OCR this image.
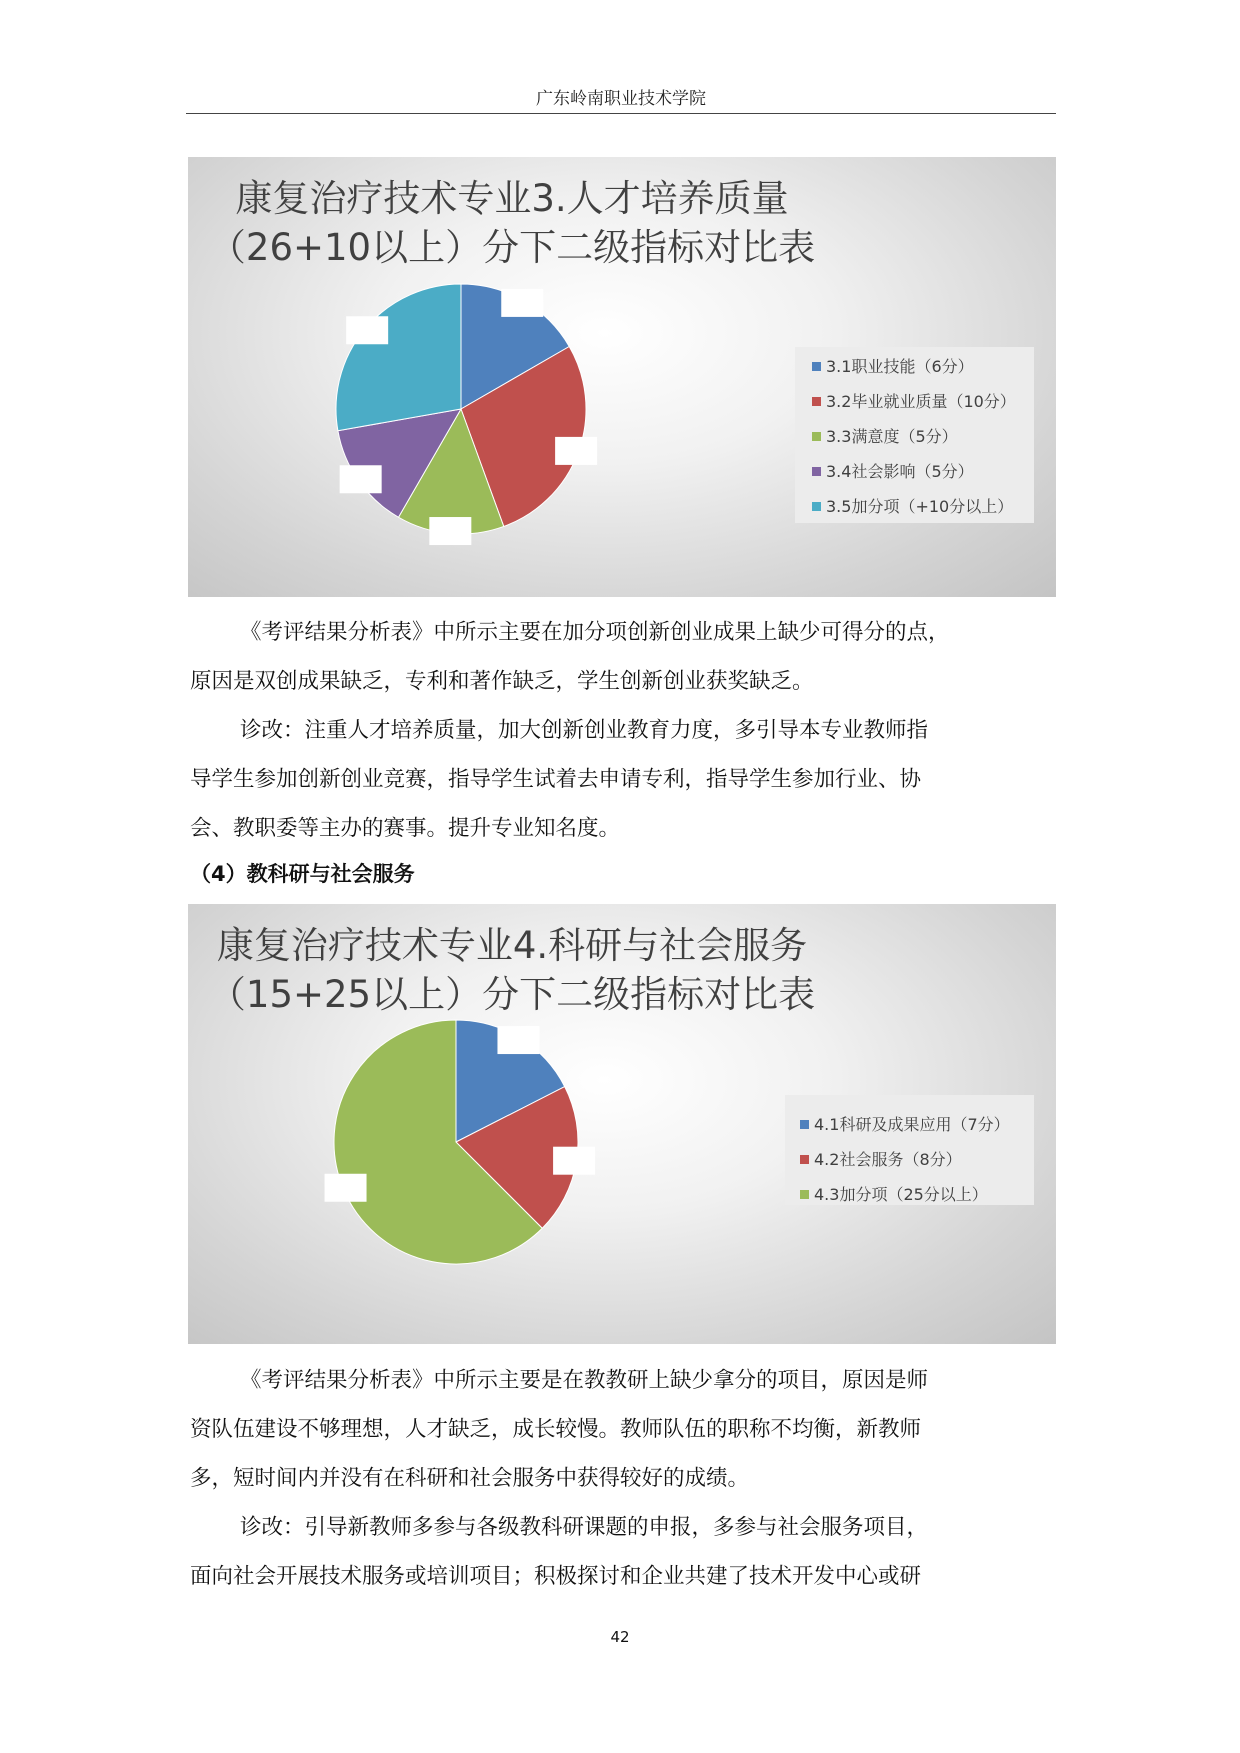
广东岭南职业技术学院
康复治疗技术专业3.人才培养质量
（26+10以上）分下二级指标对比表
3.1职业技能（6分）
3.2毕业就业质量（10分）
3.3满意度（5分）
3.4社会影响（5分）
3.5加分项（+10分以上）
《考评结果分析表》中所示主要在加分项创新创业成果上缺少可得分的点，
原因是双创成果缺乏，专利和著作缺乏，学生创新创业获奖缺乏。
诊改：注重人才培养质量，加大创新创业教育力度，多引导本专业教师指
导学生参加创新创业竞赛，指导学生试着去申请专利，指导学生参加行业、协
会、教职委等主办的赛事。提升专业知名度。
（4）教科研与社会服务
康复治疗技术专业4.科研与社会服务
（15+25以上）分下二级指标对比表
4.1科研及成果应用（7分）
4.2社会服务（8分）
4.3加分项（25分以上）
《考评结果分析表》中所示主要是在教教研上缺少拿分的项目，原因是师
资队伍建设不够理想，人才缺乏，成长较慢。教师队伍的职称不均衡，新教师
多，短时间内并没有在科研和社会服务中获得较好的成绩。
诊改：引导新教师多参与各级教科研课题的申报，多参与社会服务项目，
面向社会开展技术服务或培训项目；积极探讨和企业共建了技术开发中心或研
42
